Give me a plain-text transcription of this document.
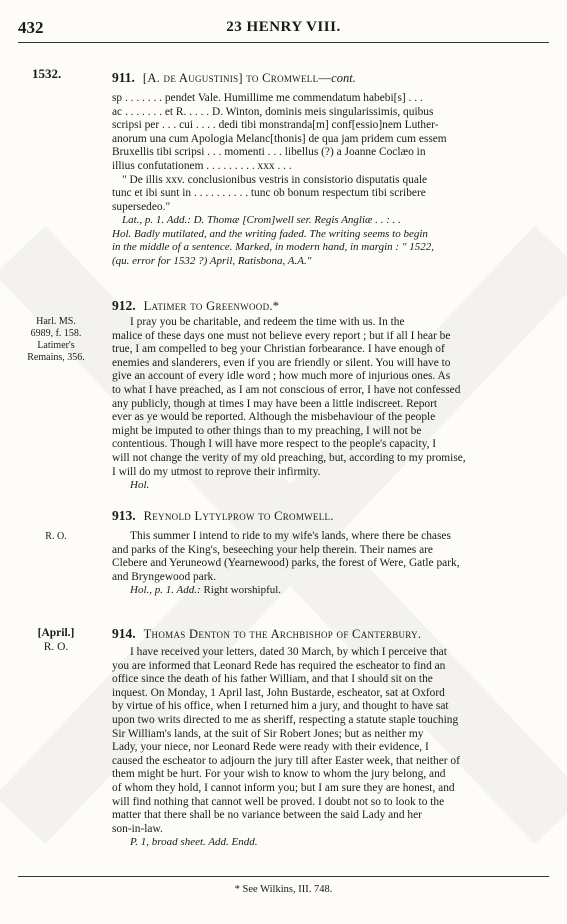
432	23 HENRY VIII.
1532.	911. [A. de Augustinis] to Cromwell—cont.
sp . . . . . . . pendet Vale. Humillime me commendatum habebi[s] . . .
ac . . . . . . . et R. . . . . D. Winton, dominis meis singularissimis, quibus
scripsi per . . . cui . . . . dedi tibi monstranda[m] conf[essio]nem Luther-
anorum una cum Apologia Melanc[thonis] de qua jam pridem cum essem
Bruxellis tibi scripsi . . . momenti . . . libellus (?) a Joanne Coclæo in
illius confutationem . . . . . . . . . xxx . . .
" De illis xxv. conclusionibus vestris in consistorio disputatis quale
tunc et ibi sunt in . . . . . . . . . . tunc ob bonum respectum tibi scribere
supersedeo."
Lat., p. 1. Add.: D. Thomæ [Crom]well ser. Regis Angliæ . . : . .
Hol. Badly mutilated, and the writing faded. The writing seems to begin
in the middle of a sentence. Marked, in modern hand, in margin : " 1522,
(qu. error for 1532 ?) April, Ratisbona, A.A."
912. Latimer to Greenwood.*
Harl. MS.
6989, f. 158.
Latimer's
Remains, 356.
I pray you be charitable, and redeem the time with us. In the
malice of these days one must not believe every report ; but if all I hear be
true, I am compelled to beg your Christian forbearance. I have enough of
enemies and slanderers, even if you are friendly or silent. You will have to
give an account of every idle word ; how much more of injurious ones. As
to what I have preached, as I am not conscious of error, I have not confessed
any publicly, though at times I may have been a little indiscreet. Report
ever as ye would be reported. Although the misbehaviour of the people
might be imputed to other things than to my preaching, I will not be
contentious. Though I will have more respect to the people's capacity, I
will not change the verity of my old preaching, but, according to my promise,
I will do my utmost to reprove their infirmity.
Hol.
913. Reynold Lytylprow to Cromwell.
R. O.	This summer I intend to ride to my wife's lands, where there be chases
and parks of the King's, beseeching your help therein. Their names are
Clebere and Yeruneowd (Yearnewood) parks, the forest of Were, Gatle park,
and Bryngewood park.
Hol., p. 1. Add.: Right worshipful.
914. Thomas Denton to the Archbishop of Canterbury.
[April.]
R. O.	I have received your letters, dated 30 March, by which I perceive that
you are informed that Leonard Rede has required the escheator to find an
office since the death of his father William, and that I should sit on the
inquest. On Monday, 1 April last, John Bustarde, escheator, sat at Oxford
by virtue of his office, when I returned him a jury, and thought to have sat
upon two writs directed to me as sheriff, respecting a statute staple touching
Sir William's lands, at the suit of Sir Robert Jones; but as neither my
Lady, your niece, nor Leonard Rede were ready with their evidence, I
caused the escheator to adjourn the jury till after Easter week, that neither of
them might be hurt. For your wish to know to whom the jury belong, and
of whom they hold, I cannot inform you; but I am sure they are honest, and
will find nothing that cannot well be proved. I doubt not so to look to the
matter that there shall be no variance between the said Lady and her
son-in-law.
P. 1, broad sheet. Add. Endd.
* See Wilkins, III. 748.
